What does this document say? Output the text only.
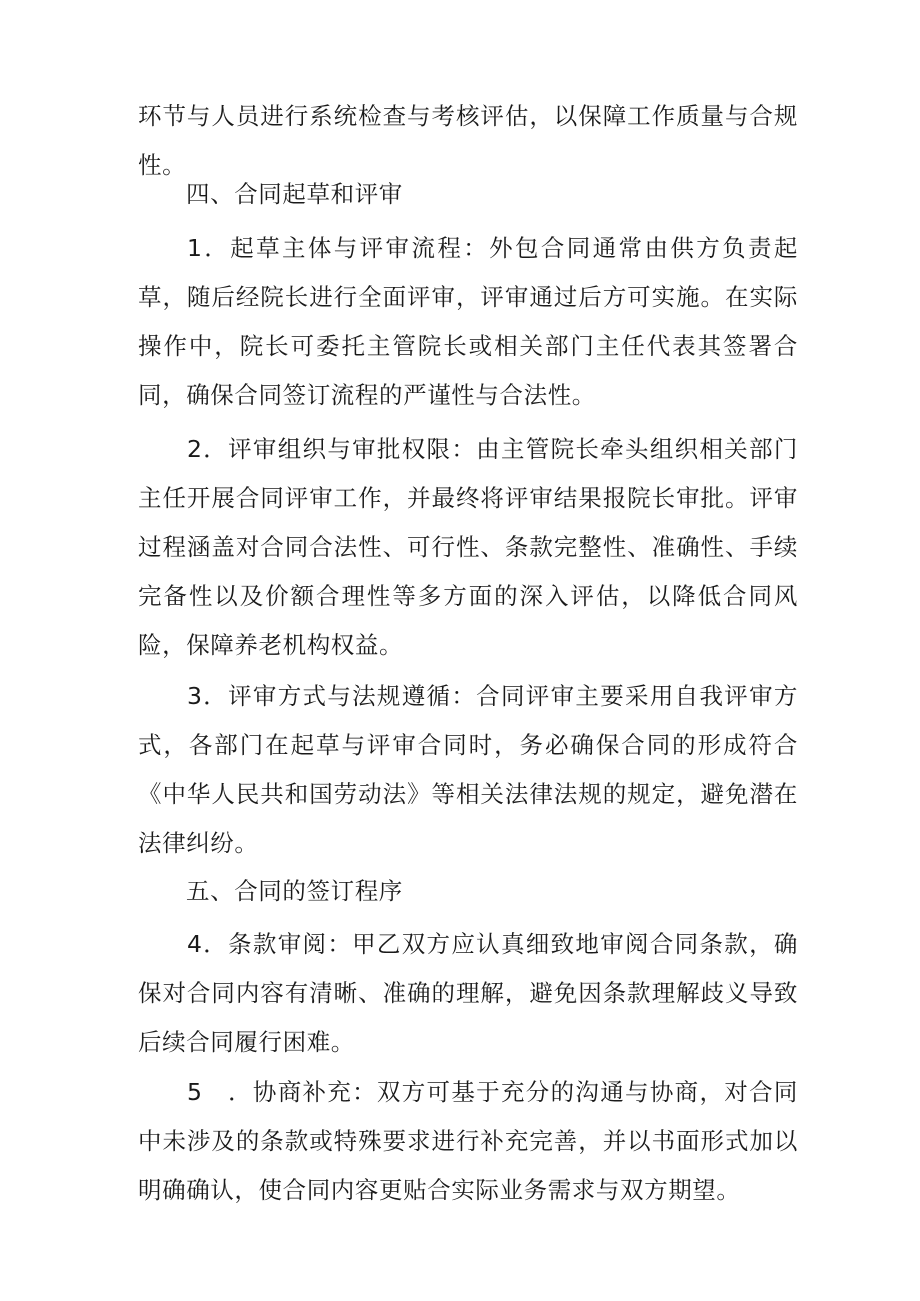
环节与人员进行系统检查与考核评估，以保障工作质量与合规性。

四、合同起草和评审

1．起草主体与评审流程：外包合同通常由供方负责起草，随后经院长进行全面评审，评审通过后方可实施。在实际操作中，院长可委托主管院长或相关部门主任代表其签署合同，确保合同签订流程的严谨性与合法性。

2．评审组织与审批权限：由主管院长牵头组织相关部门主任开展合同评审工作，并最终将评审结果报院长审批。评审过程涵盖对合同合法性、可行性、条款完整性、准确性、手续完备性以及价额合理性等多方面的深入评估，以降低合同风险，保障养老机构权益。

3．评审方式与法规遵循：合同评审主要采用自我评审方式，各部门在起草与评审合同时，务必确保合同的形成符合《中华人民共和国劳动法》等相关法律法规的规定，避免潜在法律纠纷。

五、合同的签订程序

4．条款审阅：甲乙双方应认真细致地审阅合同条款，确保对合同内容有清晰、准确的理解，避免因条款理解歧义导致后续合同履行困难。

5　．协商补充：双方可基于充分的沟通与协商，对合同中未涉及的条款或特殊要求进行补充完善，并以书面形式加以明确确认，使合同内容更贴合实际业务需求与双方期望。
